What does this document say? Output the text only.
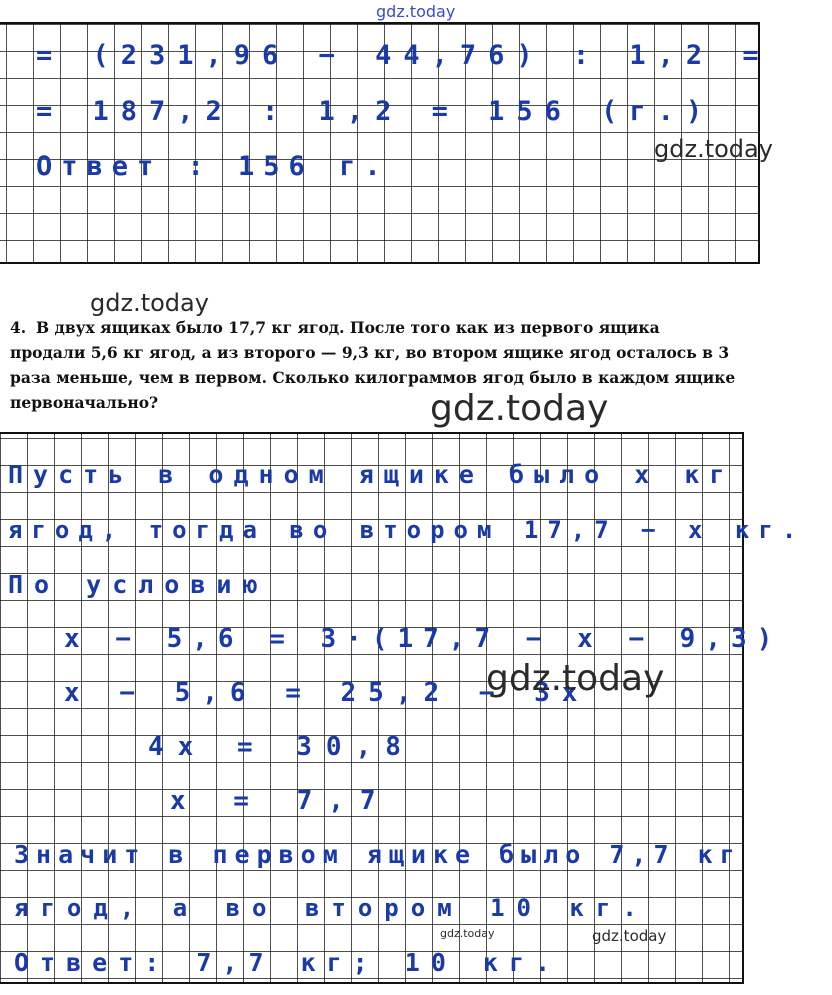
= (231,96 − 44,76) : 1,2 =
= 187,2 : 1,2 = 156 (г.)
Ответ : 156 г.

4. В двух ящиках было 17,7 кг ягод. После того как из первого ящика продали 5,6 кг ягод, а из второго — 9,3 кг, во втором ящике ягод осталось в 3 раза меньше, чем в первом. Сколько килограммов ягод было в каждом ящике первоначально?

Пусть в одном ящике было x кг
ягод, тогда во втором 17,7 − x кг.
По условию
x − 5,6 = 3·(17,7 − x − 9,3)
x − 5,6 = 25,2 − 3x
4x = 30,8
x = 7,7
Значит в первом ящике было 7,7 кг
ягод, а во втором 10 кг.
Ответ: 7,7 кг; 10 кг.
gdz.today
gdz.today
gdz.today
gdz.today
gdz.today
gdz.today	gdz.today
